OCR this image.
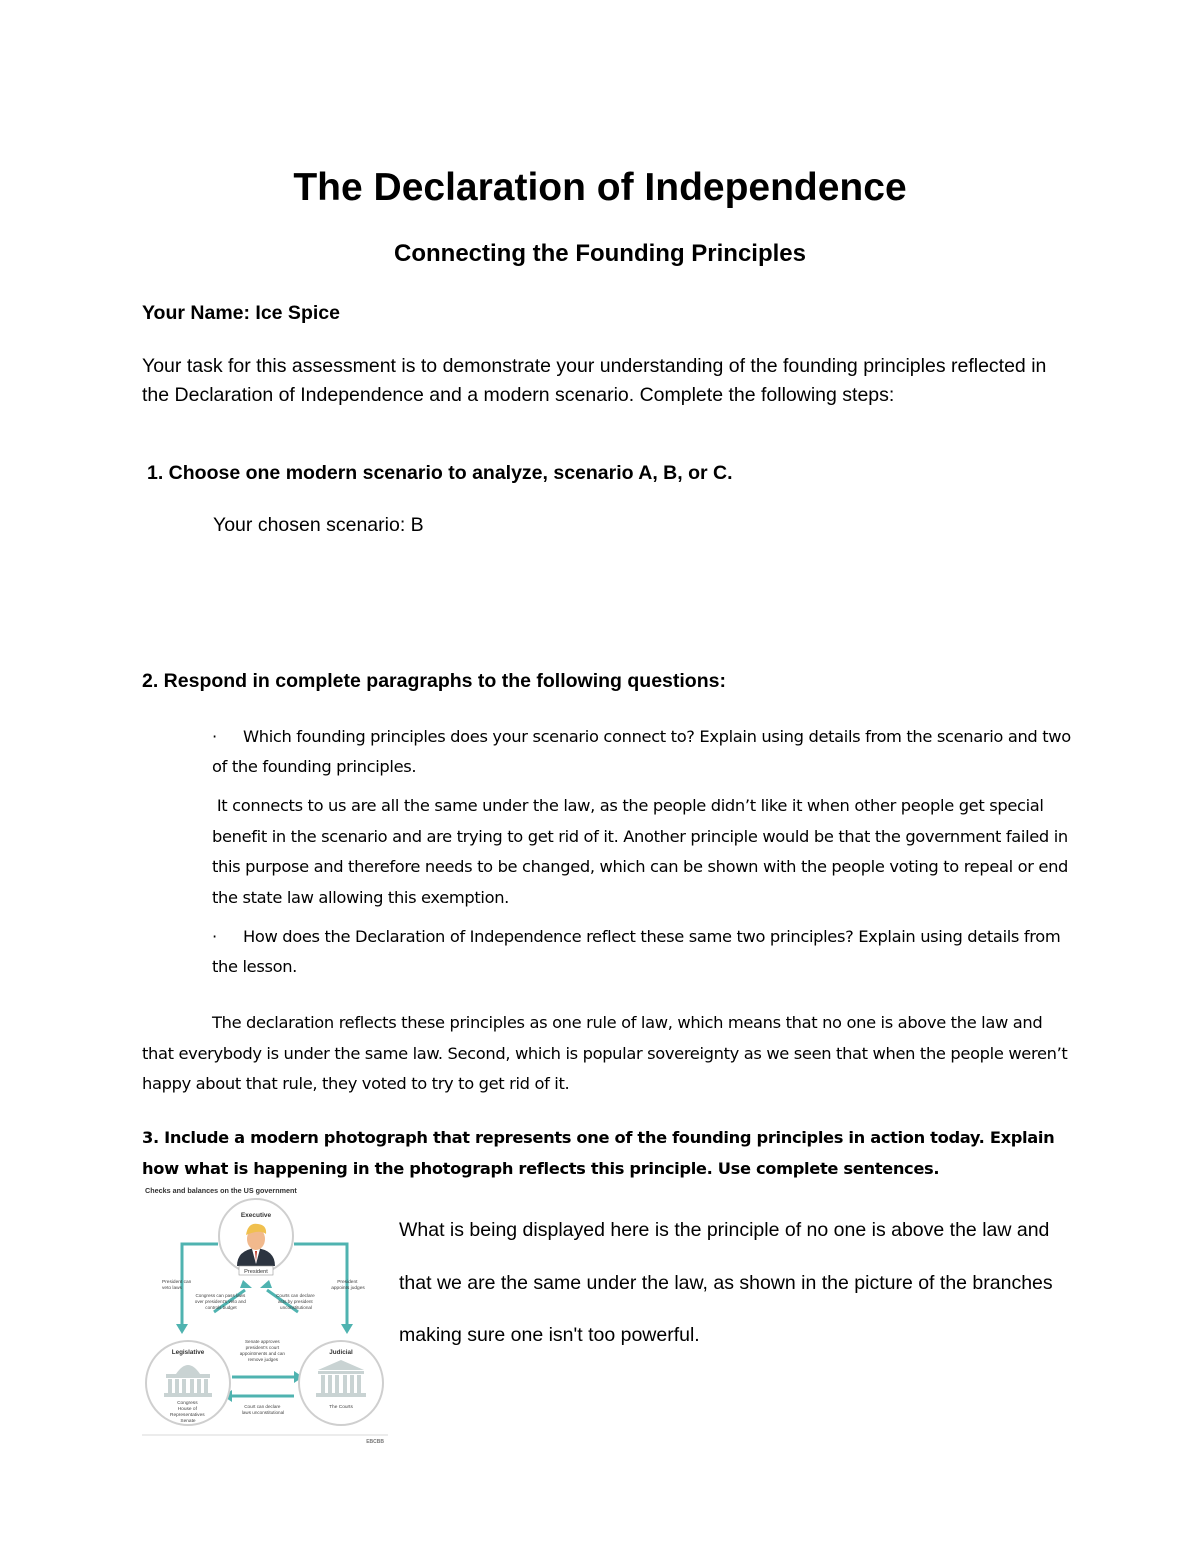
The Declaration of Independence
Connecting the Founding Principles
Your Name: Ice Spice
Your task for this assessment is to demonstrate your understanding of the founding principles reflected in the Declaration of Independence and a modern scenario. Complete the following steps:
1. Choose one modern scenario to analyze, scenario A, B, or C.
Your chosen scenario: B
2. Respond in complete paragraphs to the following questions:
· Which founding principles does your scenario connect to? Explain using details from the scenario and two of the founding principles.
It connects to us are all the same under the law, as the people didn’t like it when other people get special benefit in the scenario and are trying to get rid of it. Another principle would be that the government failed in this purpose and therefore needs to be changed, which can be shown with the people voting to repeal or end the state law allowing this exemption.
· How does the Declaration of Independence reflect these same two principles? Explain using details from the lesson.
The declaration reflects these principles as one rule of law, which means that no one is above the law and that everybody is under the same law. Second, which is popular sovereignty as we seen that when the people weren’t happy about that rule, they voted to try to get rid of it.
3. Include a modern photograph that represents one of the founding principles in action today. Explain how what is happening in the photograph reflects this principle. Use complete sentences.
What is being displayed here is the principle of no one is above the law and that we are the same under the law, as shown in the picture of the branches making sure one isn't too powerful.
Checks and balances on the US government
Executive
President
President can veto laws
President appoints judges
Congress can pass laws over president's veto and controls budget
Courts can declare acts by president unconstitutional
Senate approves president's court appointments and can remove judges
Court can declare laws unconstitutional
Legislative
Congress House of Representatives Senate
Judicial
The Courts
EBCBB
